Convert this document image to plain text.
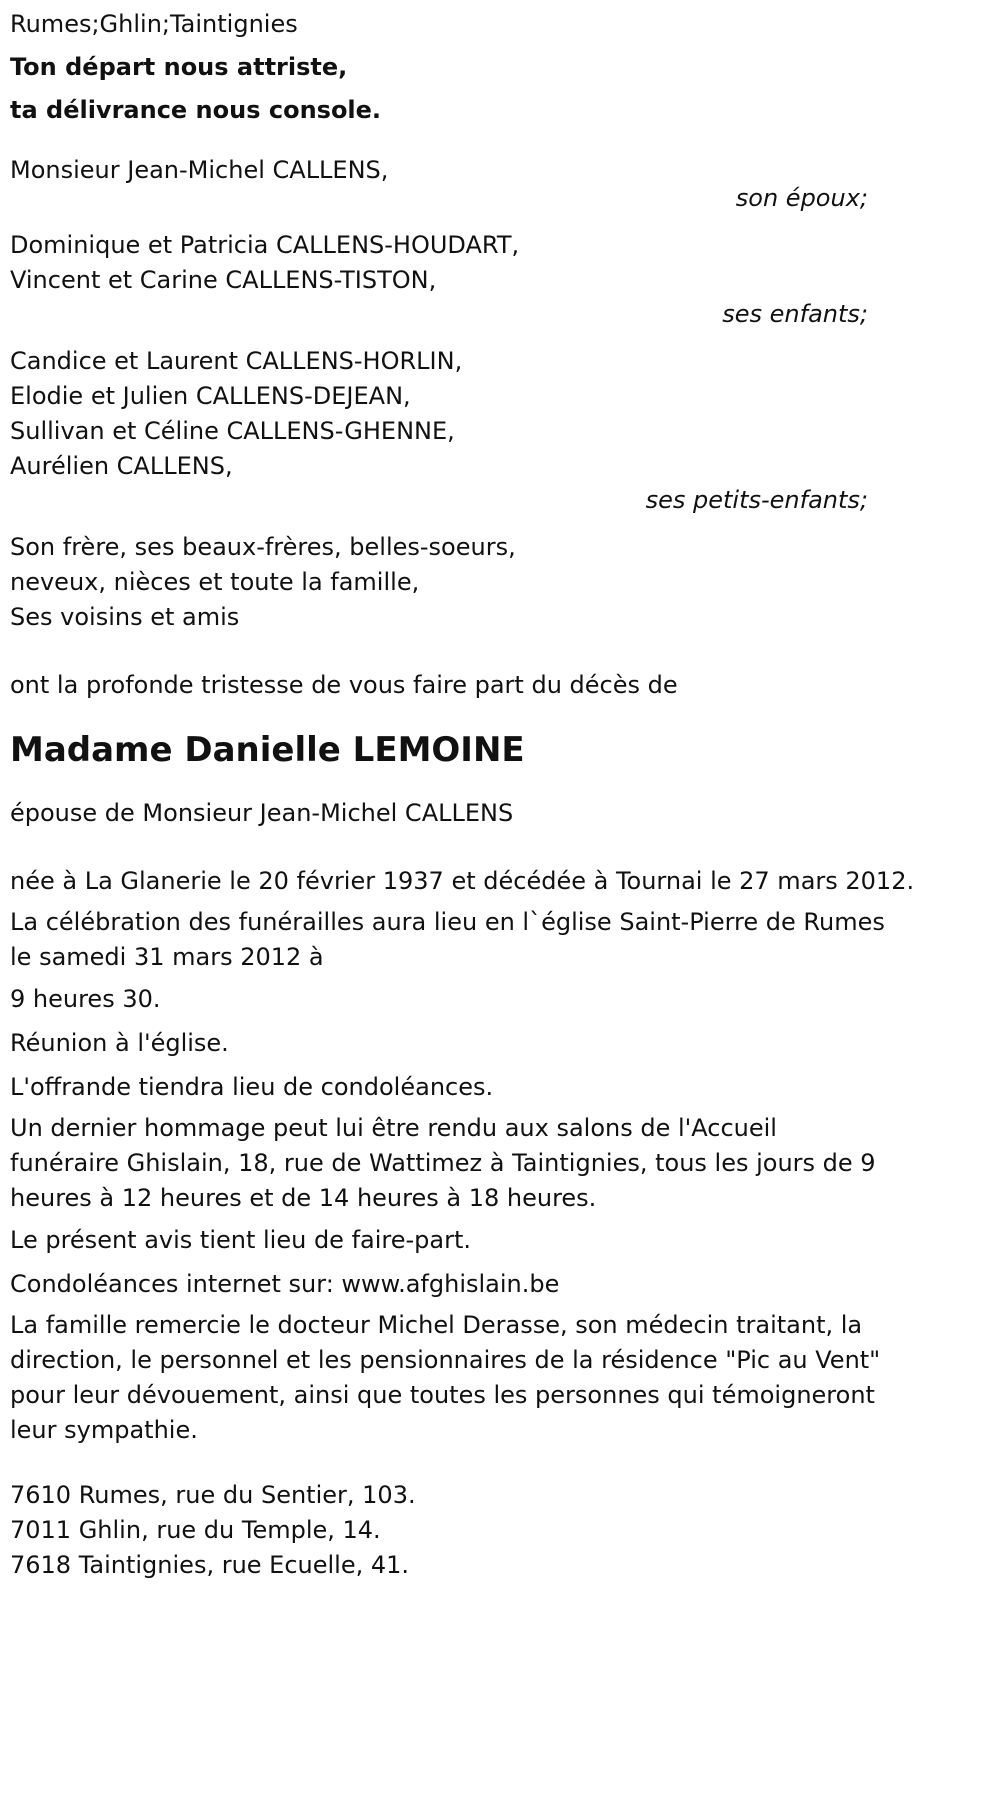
Rumes;Ghlin;Taintignies
Ton départ nous attriste,
ta délivrance nous console.
Monsieur Jean-Michel CALLENS,
son époux;
Dominique et Patricia CALLENS-HOUDART,
Vincent et Carine CALLENS-TISTON,
ses enfants;
Candice et Laurent CALLENS-HORLIN,
Elodie et Julien CALLENS-DEJEAN,
Sullivan et Céline CALLENS-GHENNE,
Aurélien CALLENS,
ses petits-enfants;
Son frère, ses beaux-frères, belles-soeurs,
neveux, nièces et toute la famille,
Ses voisins et amis
ont la profonde tristesse de vous faire part du décès de
Madame Danielle LEMOINE
épouse de Monsieur Jean-Michel CALLENS
née à La Glanerie le 20 février 1937 et décédée à Tournai le 27 mars 2012.
La célébration des funérailles aura lieu en l`église Saint-Pierre de Rumes
le samedi 31 mars 2012 à
9 heures 30.
Réunion à l'église.
L'offrande tiendra lieu de condoléances.
Un dernier hommage peut lui être rendu aux salons de l'Accueil
funéraire Ghislain, 18, rue de Wattimez à Taintignies, tous les jours de 9
heures à 12 heures et de 14 heures à 18 heures.
Le présent avis tient lieu de faire-part.
Condoléances internet sur: www.afghislain.be
La famille remercie le docteur Michel Derasse, son médecin traitant, la
direction, le personnel et les pensionnaires de la résidence "Pic au Vent"
pour leur dévouement, ainsi que toutes les personnes qui témoigneront
leur sympathie.
7610 Rumes, rue du Sentier, 103.
7011 Ghlin, rue du Temple, 14.
7618 Taintignies, rue Ecuelle, 41.
